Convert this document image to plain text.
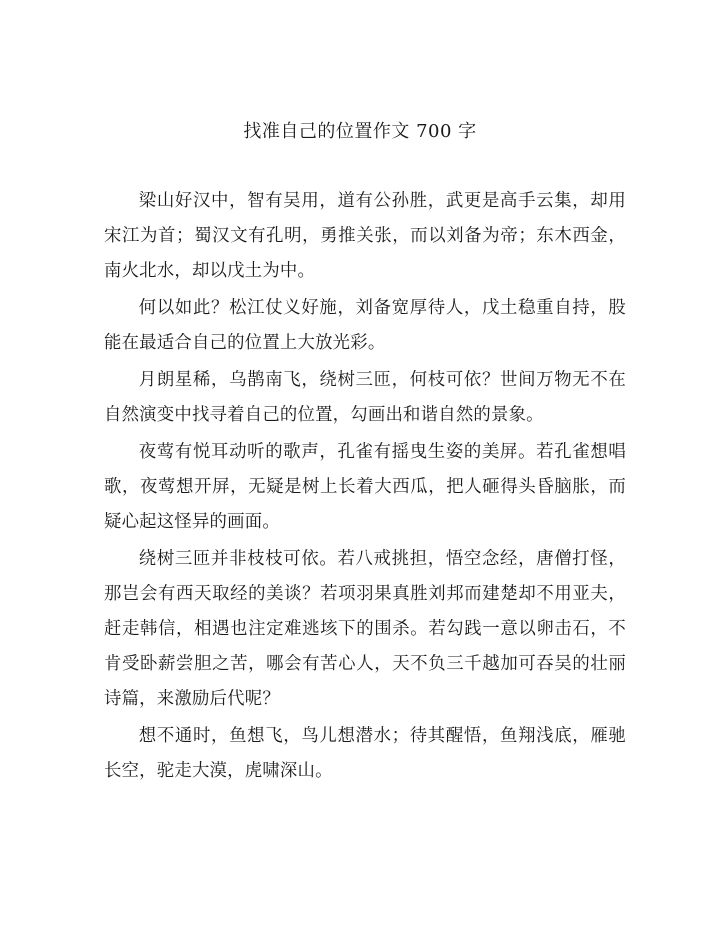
找准自己的位置作文 700 字

梁山好汉中，智有吴用，道有公孙胜，武更是高手云集，却用宋江为首；蜀汉文有孔明，勇推关张，而以刘备为帝；东木西金，南火北水，却以戊土为中。

何以如此？松江仗义好施，刘备宽厚待人，戊土稳重自持，股能在最适合自己的位置上大放光彩。

月朗星稀，乌鹊南飞，绕树三匝，何枝可依？世间万物无不在自然演变中找寻着自己的位置，勾画出和谐自然的景象。

夜莺有悦耳动听的歌声，孔雀有摇曳生姿的美屏。若孔雀想唱歌，夜莺想开屏，无疑是树上长着大西瓜，把人砸得头昏脑胀，而疑心起这怪异的画面。

绕树三匝并非枝枝可依。若八戒挑担，悟空念经，唐僧打怪，那岂会有西天取经的美谈？若项羽果真胜刘邦而建楚却不用亚夫，赶走韩信，相遇也注定难逃垓下的围杀。若勾践一意以卵击石，不肯受卧薪尝胆之苦，哪会有苦心人，天不负三千越加可吞吴的壮丽诗篇，来激励后代呢？

想不通时，鱼想飞，鸟儿想潜水；待其醒悟，鱼翔浅底，雁驰长空，驼走大漠，虎啸深山。
